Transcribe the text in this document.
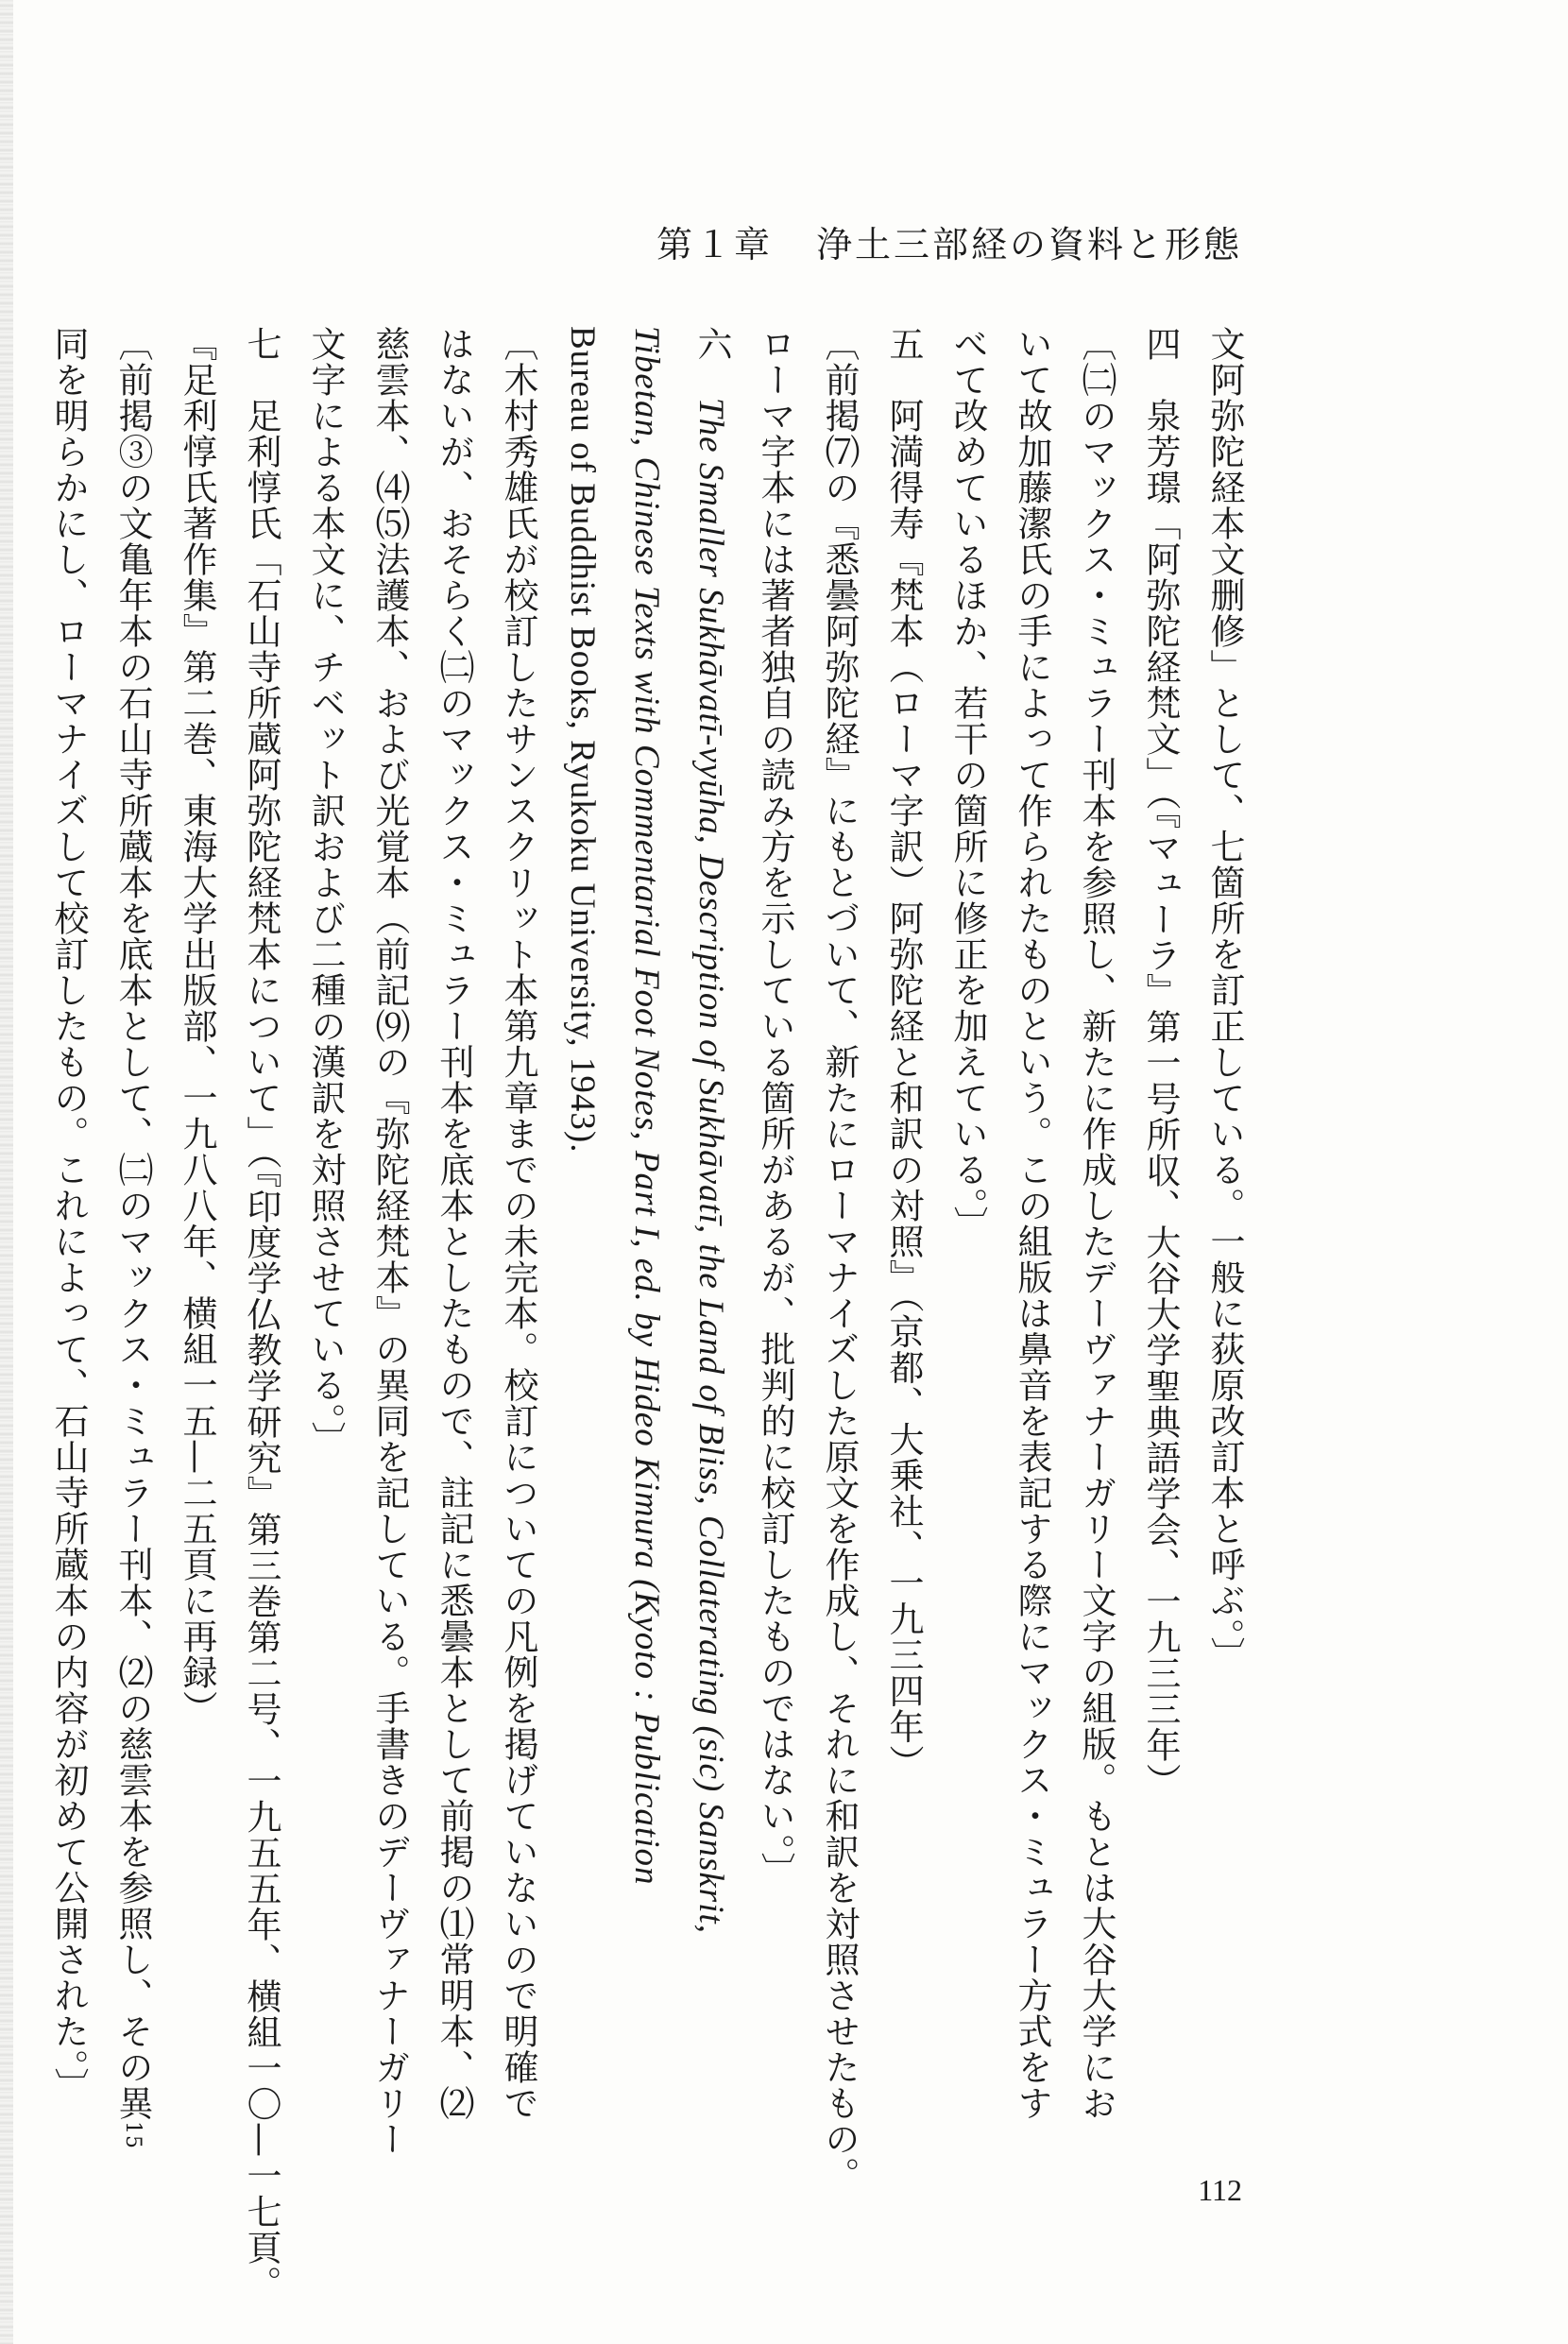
第１章 浄土三部経の資料と形態
文阿弥陀経本文删修」として、七箇所を訂正している。一般に荻原改訂本と呼ぶ。〕
四　泉芳璟「阿弥陀経梵文」（『マューラ』第一号所収、大谷大学聖典語学会、一九三三年）
〔㈡のマックス・ミュラー刊本を参照し、新たに作成したデーヴァナーガリー文字の組版。もとは大谷大学にお
いて故加藤潔氏の手によって作られたものという。この組版は鼻音を表記する際にマックス・ミュラー方式をす
べて改めているほか、若干の箇所に修正を加えている。〕
五　阿満得寿『梵本（ローマ字訳）阿弥陀経と和訳の対照』（京都、大乗社、一九三四年）
〔前掲⑺の『悉曇阿弥陀経』にもとづいて、新たにローマナイズした原文を作成し、それに和訳を対照させたもの。
ローマ字本には著者独自の読み方を示している箇所があるが、批判的に校訂したものではない。〕
六　The Smaller Sukhāvatī-vyūha, Description of Sukhāvatī, the Land of Bliss, Collaterating (sic) Sanskrit,
Tibetan, Chinese Texts with Commentarial Foot Notes, Part I, ed. by Hideo Kimura (Kyoto : Publication
Bureau of Buddhist Books, Ryukoku University, 1943).
〔木村秀雄氏が校訂したサンスクリット本第九章までの未完本。校訂についての凡例を掲げていないので明確で
はないが、おそらく㈡のマックス・ミュラー刊本を底本としたもので、註記に悉曇本として前掲の⑴常明本、⑵
慈雲本、⑷⑸法護本、および光覚本（前記⑼の『弥陀経梵本』の異同を記している。手書きのデーヴァナーガリー
文字による本文に、チベット訳および二種の漢訳を対照させている。〕
七　足利惇氏「石山寺所蔵阿弥陀経梵本について」（『印度学仏教学研究』第三巻第二号、一九五五年、横組一〇—一七頁。
『足利惇氏著作集』第二巻、東海大学出版部、一九八八年、横組一五—二五頁に再録）
〔前掲③の文亀年本の石山寺所蔵本を底本として、㈡のマックス・ミュラー刊本、⑵の慈雲本を参照し、その異15
同を明らかにし、ローマナイズして校訂したもの。これによって、石山寺所蔵本の内容が初めて公開された。〕
112
